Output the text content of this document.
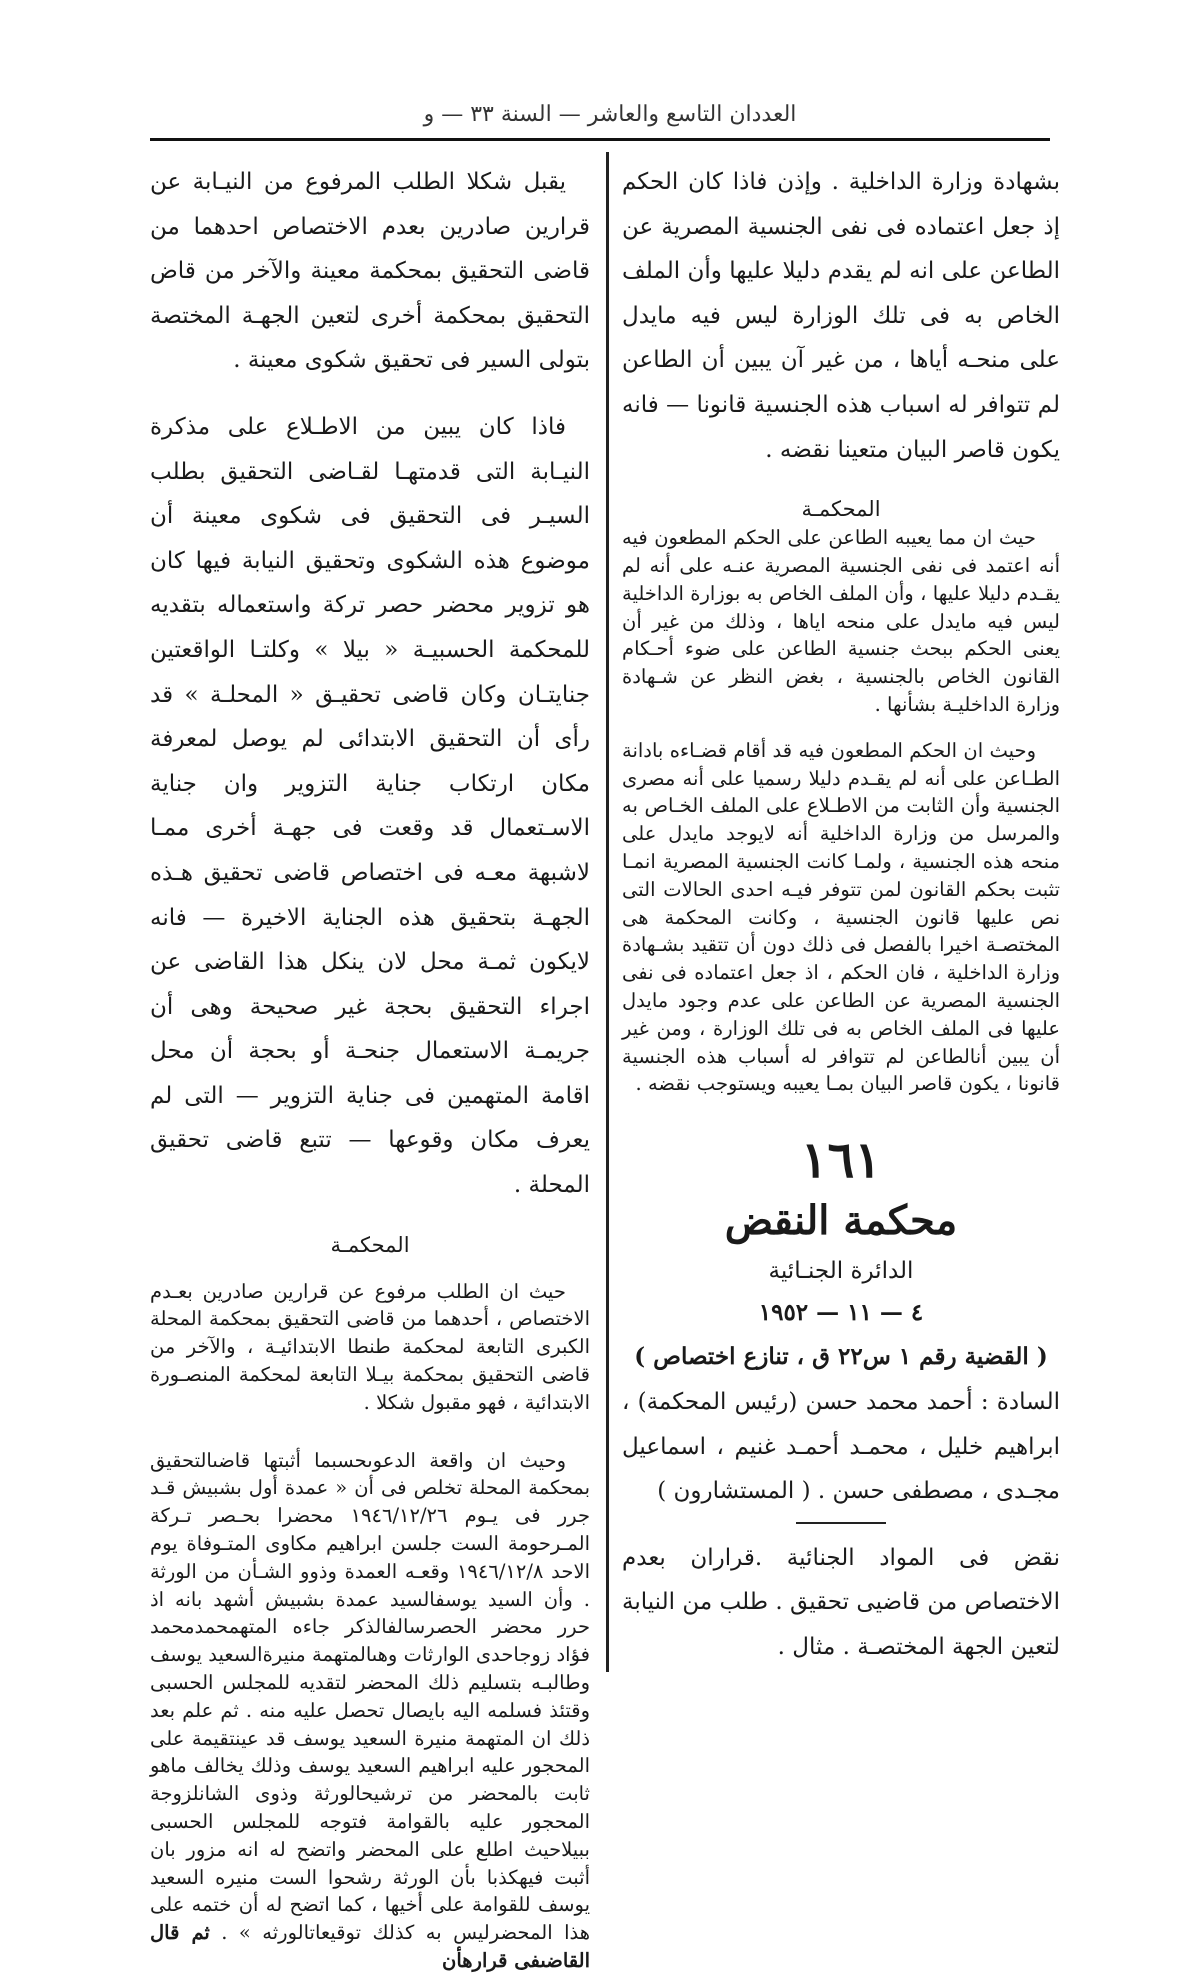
العددان التاسع والعاشر — السنة ٣٣ — و

بشهادة وزارة الداخلية . وإذن فاذا كان الحكم إذ جعل اعتماده فى نفى الجنسية المصرية عن الطاعن على انه لم يقدم دليلا عليها وأن الملف الخاص به فى تلك الوزارة ليس فيه مايدل على منحـه أياها ، من غير آن يبين أن الطاعن لم تتوافر له اسباب هذه الجنسية قانونا — فانه يكون قاصر البيان متعينا نقضه .

المحكمـة

حيث ان مما يعيبه الطاعن على الحكم المطعون فيه أنه اعتمد فى نفى الجنسية المصرية عنـه على أنه لم يقـدم دليلا عليها ، وأن الملف الخاص به بوزارة الداخلية ليس فيه مايدل على منحه اياها ، وذلك من غير أن يعنى الحكم ببحث جنسية الطاعن على ضوء أحـكام القانون الخاص بالجنسية ، بغض النظر عن شـهادة وزارة الداخليـة بشأنها .

وحيث ان الحكم المطعون فيه قد أقام قضـاءه بادانة الطـاعن على أنه لم يقـدم دليلا رسميا على أنه مصرى الجنسية وأن الثابت من الاطـلاع على الملف الخـاص به والمرسل من وزارة الداخلية أنه لايوجد مايدل على منحه هذه الجنسية ، ولمـا كانت الجنسية المصرية انمـا تثبت بحكم القانون لمن تتوفر فيـه احدى الحالات التى نص عليها قانون الجنسية ، وكانت المحكمة هى المختصـة اخيرا بالفصل فى ذلك دون أن تتقيد بشـهادة وزارة الداخلية ، فان الحكم ، اذ جعل اعتماده فى نفى الجنسية المصرية عن الطاعن على عدم وجود مايدل عليها فى الملف الخاص به فى تلك الوزارة ، ومن غير أن يبين أنالطاعن لم تتوافر له أسباب هذه الجنسية قانونا ، يكون قاصر البيان بمـا يعيبه ويستوجب نقضه .

١٦١

محكمة النقض

الدائرة الجنـائية

٤ — ١١ — ١٩٥٢

( القضية رقم ١ س٢٢ ق ، تنازع اختصاص )

السادة : أحمد محمد حسن (رئيس المحكمة) ، ابراهيم خليل ، محمـد أحمـد غنيم ، اسماعيل مجـدى ، مصطفى حسن . ( المستشارون )

نقض فى المواد الجنائية .قراران بعدم الاختصاص من قاضيى تحقيق . طلب من النيابة لتعين الجهة المختصـة . مثال .

يقبل شكلا الطلب المرفوع من النيـابة عن قرارين صادرين بعدم الاختصاص احدهما من قاضى التحقيق بمحكمة معينة والآخر من قاض التحقيق بمحكمة أخرى لتعين الجهـة المختصة بتولى السير فى تحقيق شكوى معينة .

فاذا كان يبين من الاطـلاع على مذكرة النيـابة التى قدمتهـا لقـاضى التحقيق بطلب السيـر فى التحقيق فى شكوى معينة أن موضوع هذه الشكوى وتحقيق النيابة فيها كان هو تزوير محضر حصر تركة واستعماله بتقديه للمحكمة الحسبيـة « بيلا » وكلتـا الواقعتين جنايتـان وكان قاضى تحقيـق « المحلـة » قد رأى أن التحقيق الابتدائى لم يوصل لمعرفة مكان ارتكاب جناية التزوير وان جناية الاسـتعمال قد وقعت فى جهـة أخرى ممـا لاشبهة معـه فى اختصاص قاضى تحقيق هـذه الجهـة بتحقيق هذه الجناية الاخيرة — فانه لايكون ثمـة محل لان ينكل هذا القاضى عن اجراء التحقيق بحجة غير صحيحة وهى أن جريمـة الاستعمال جنحـة أو بحجة أن محل اقامة المتهمين فى جناية التزوير — التى لم يعرف مكان وقوعها — تتبع قاضى تحقيق المحلة .

المحكمـة

حيث ان الطلب مرفوع عن قرارين صادرين بعـدم الاختصاص ، أحدهما من قاضى التحقيق بمحكمة المحلة الكبرى التابعة لمحكمة طنطا الابتدائيـة ، والآخر من قاضى التحقيق بمحكمة بيـلا التابعة لمحكمة المنصـورة الابتدائية ، فهو مقبول شكلا .

وحيث ان واقعة الدعوىحسبما أثبتها قاضىالتحقيق بمحكمة المحلة تخلص فى أن « عمدة أول بشبيش قـد جرر فى يـوم ١٩٤٦/١٢/٢٦ محضرا بحـصر تـركة المـرحومة الست جلسن ابراهيم مكاوى المتـوفاة يوم الاحد ١٩٤٦/١٢/٨ وقعـه العمدة وذوو الشـأن من الورثة . وأن السيد يوسفالسيد عمدة بشبيش أشهد بانه اذ حرر محضر الحصرسالفالذكر جاءه المتهمحمدمحمد فؤاد زوجاحدى الوارثات وهىالمتهمة منيرةالسعيد يوسف وطالبـه بتسليم ذلك المحضر لتقديه للمجلس الحسبى وقتئذ فسلمه اليه بايصال تحصل عليه منه . ثم علم بعد ذلك ان المتهمة منيرة السعيد يوسف قد عينتقيمة على المحجور عليه ابراهيم السعيد يوسف وذلك يخالف ماهو ثابت بالمحضر من ترشيحالورثة وذوى الشانلزوجة المحجور عليه بالقوامة فتوجه للمجلس الحسبى ببيلاحيث اطلع على المحضر واتضح له انه مزور بان أثبت فيهكذبا بأن الورثة رشحوا الست منيره السعيد يوسف للقوامة على أخيها ، كما اتضح له أن ختمه على هذا المحضرليس به كذلك توقيعاتالورثه » . ثم قال القاضىفى قرارهأن
